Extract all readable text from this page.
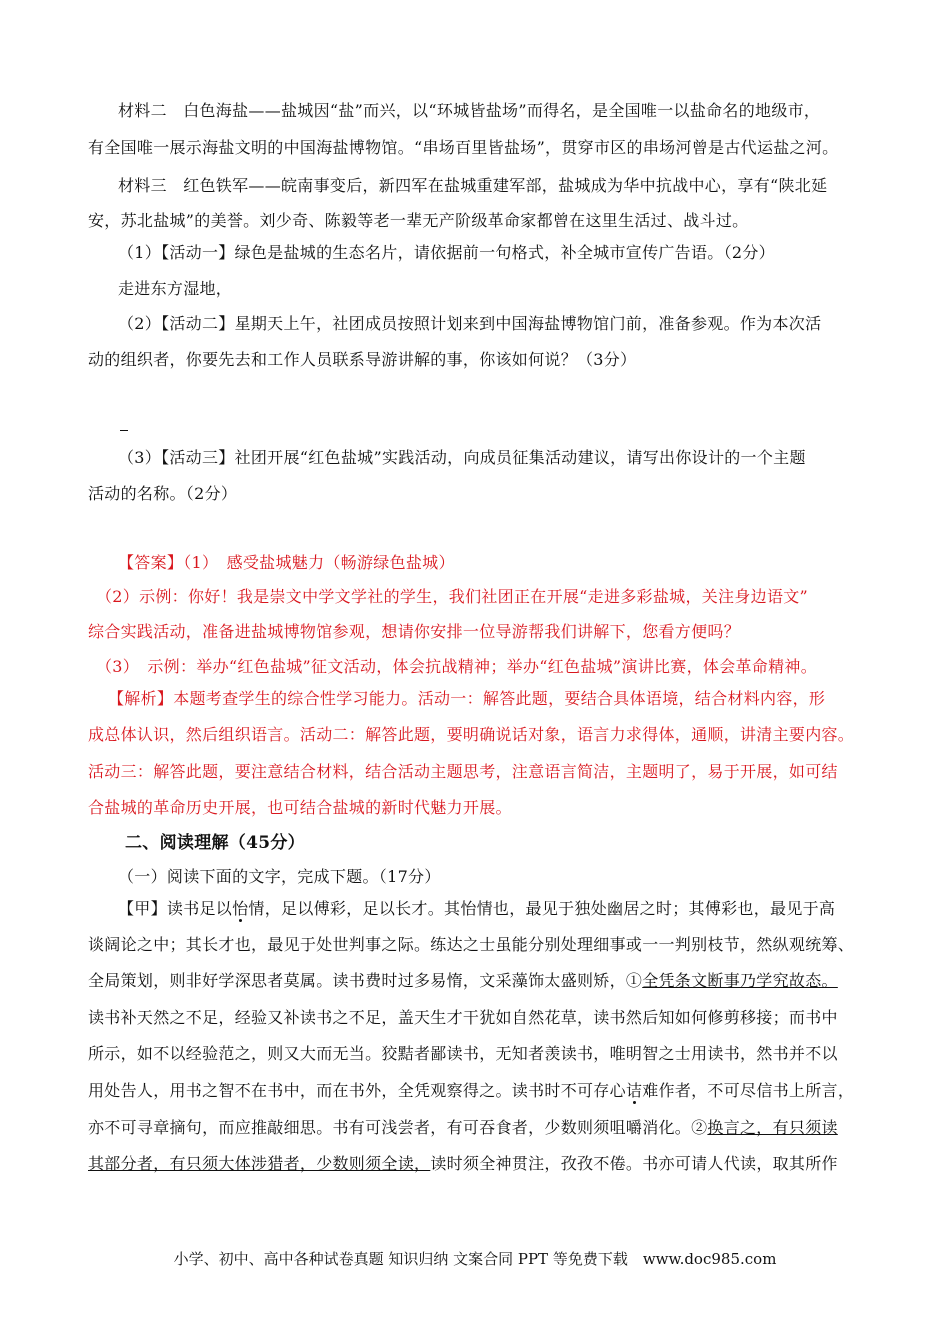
材料二　白色海盐——盐城因“盐”而兴，以“环城皆盐场”而得名，是全国唯一以盐命名的地级市，
有全国唯一展示海盐文明的中国海盐博物馆。“串场百里皆盐场”，贯穿市区的串场河曾是古代运盐之河。
材料三　红色铁军——皖南事变后，新四军在盐城重建军部，盐城成为华中抗战中心，享有“陕北延
安，苏北盐城”的美誉。刘少奇、陈毅等老一辈无产阶级革命家都曾在这里生活过、战斗过。
（1）【活动一】绿色是盐城的生态名片，请依据前一句格式，补全城市宣传广告语。（2分）
走进东方湿地，
（2）【活动二】星期天上午，社团成员按照计划来到中国海盐博物馆门前，准备参观。作为本次活
动的组织者，你要先去和工作人员联系导游讲解的事，你该如何说？（3分）
（3）【活动三】社团开展“红色盐城”实践活动，向成员征集活动建议，请写出你设计的一个主题
活动的名称。（2分）
【答案】（1）　感受盐城魅力（畅游绿色盐城）
（2）示例：你好！我是崇文中学文学社的学生，我们社团正在开展“走进多彩盐城，关注身边语文”
综合实践活动，准备进盐城博物馆参观，想请你安排一位导游帮我们讲解下，您看方便吗？
（3）　示例：举办“红色盐城”征文活动，体会抗战精神；举办“红色盐城”演讲比赛，体会革命精神。
【解析】本题考查学生的综合性学习能力。活动一：解答此题，要结合具体语境，结合材料内容，形
成总体认识，然后组织语言。活动二：解答此题，要明确说话对象，语言力求得体，通顺，讲清主要内容。
活动三：解答此题，要注意结合材料，结合活动主题思考，注意语言简洁，主题明了，易于开展，如可结
合盐城的革命历史开展，也可结合盐城的新时代魅力开展。
二、阅读理解（45分）
（一）阅读下面的文字，完成下题。（17分）
【甲】读书足以怡情，足以傅彩，足以长才。其怡情也，最见于独处幽居之时；其傅彩也，最见于高
谈阔论之中；其长才也，最见于处世判事之际。练达之士虽能分别处理细事或一一判别枝节，然纵观统筹、
全局策划，则非好学深思者莫属。读书费时过多易惰，文采藻饰太盛则矫，①全凭条文断事乃学究故态。
读书补天然之不足，经验又补读书之不足，盖天生才干犹如自然花草，读书然后知如何修剪移接；而书中
所示，如不以经验范之，则又大而无当。狡黠者鄙读书，无知者羡读书，唯明智之士用读书，然书并不以
用处告人，用书之智不在书中，而在书外，全凭观察得之。读书时不可存心诘难作者，不可尽信书上所言，
亦不可寻章摘句，而应推敲细思。书有可浅尝者，有可吞食者，少数则须咀嚼消化。②换言之，有只须读
其部分者，有只须大体涉猎者，少数则须全读，读时须全神贯注，孜孜不倦。书亦可请人代读，取其所作
小学、初中、高中各种试卷真题 知识归纳 文案合同 PPT 等免费下载　www.doc985.com
